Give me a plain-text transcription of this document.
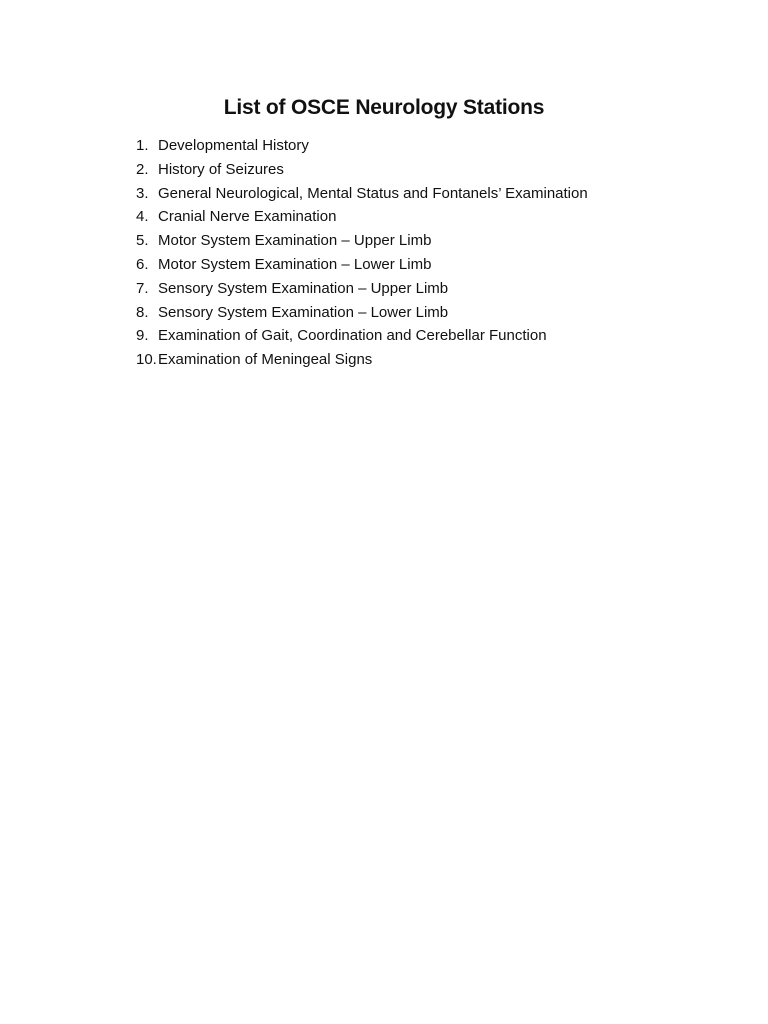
List of OSCE Neurology Stations
1. Developmental History
2. History of Seizures
3. General Neurological, Mental Status and Fontanels’ Examination
4. Cranial Nerve Examination
5. Motor System Examination – Upper Limb
6. Motor System Examination – Lower Limb
7. Sensory System Examination – Upper Limb
8. Sensory System Examination – Lower Limb
9. Examination of Gait, Coordination and Cerebellar Function
10. Examination of Meningeal Signs
